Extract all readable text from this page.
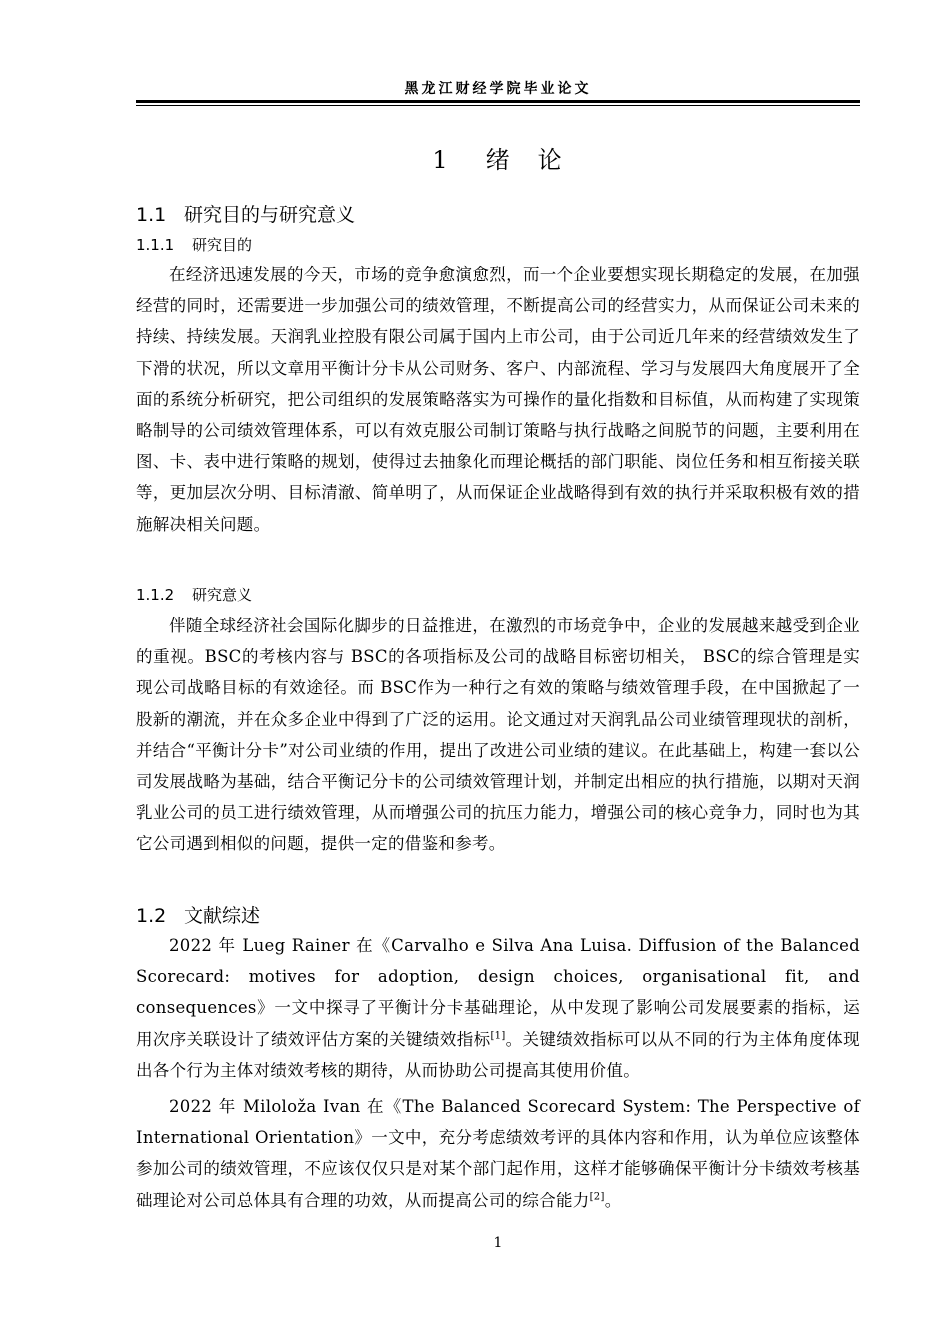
黑龙江财经学院毕业论文
1 绪　论
1.1 研究目的与研究意义
1.1.1 研究目的

在经济迅速发展的今天，市场的竞争愈演愈烈，而一个企业要想实现长期稳定的发展，在加强经营的同时，还需要进一步加强公司的绩效管理，不断提高公司的经营实力，从而保证公司未来的持续、持续发展。天润乳业控股有限公司属于国内上市公司，由于公司近几年来的经营绩效发生了下滑的状况，所以文章用平衡计分卡从公司财务、客户、内部流程、学习与发展四大角度展开了全面的系统分析研究，把公司组织的发展策略落实为可操作的量化指数和目标值，从而构建了实现策略制导的公司绩效管理体系，可以有效克服公司制订策略与执行战略之间脱节的问题，主要利用在图、卡、表中进行策略的规划，使得过去抽象化而理论概括的部门职能、岗位任务和相互衔接关联等，更加层次分明、目标清澈、简单明了，从而保证企业战略得到有效的执行并采取积极有效的措施解决相关问题。

1.1.2 研究意义

伴随全球经济社会国际化脚步的日益推进，在激烈的市场竞争中，企业的发展越来越受到企业的重视。BSC的考核内容与 BSC的各项指标及公司的战略目标密切相关， BSC的综合管理是实现公司战略目标的有效途径。而 BSC作为一种行之有效的策略与绩效管理手段，在中国掀起了一股新的潮流，并在众多企业中得到了广泛的运用。论文通过对天润乳品公司业绩管理现状的剖析，并结合“平衡计分卡”对公司业绩的作用，提出了改进公司业绩的建议。在此基础上，构建一套以公司发展战略为基础，结合平衡记分卡的公司绩效管理计划，并制定出相应的执行措施，以期对天润乳业公司的员工进行绩效管理，从而增强公司的抗压力能力，增强公司的核心竞争力，同时也为其它公司遇到相似的问题，提供一定的借鉴和参考。

1.2 文献综述

2022 年 Lueg Rainer 在《Carvalho e Silva Ana Luisa. Diffusion of the Balanced Scorecard: motives for adoption, design choices, organisational fit, and consequences》一文中探寻了平衡计分卡基础理论，从中发现了影响公司发展要素的指标，运用次序关联设计了绩效评估方案的关键绩效指标[1]。关键绩效指标可以从不同的行为主体角度体现出各个行为主体对绩效考核的期待，从而协助公司提高其使用价值。

2022 年 Miloloža Ivan 在《The Balanced Scorecard System: The Perspective of International Orientation》一文中，充分考虑绩效考评的具体内容和作用，认为单位应该整体参加公司的绩效管理，不应该仅仅只是对某个部门起作用，这样才能够确保平衡计分卡绩效考核基础理论对公司总体具有合理的功效，从而提高公司的综合能力[2]。

1
